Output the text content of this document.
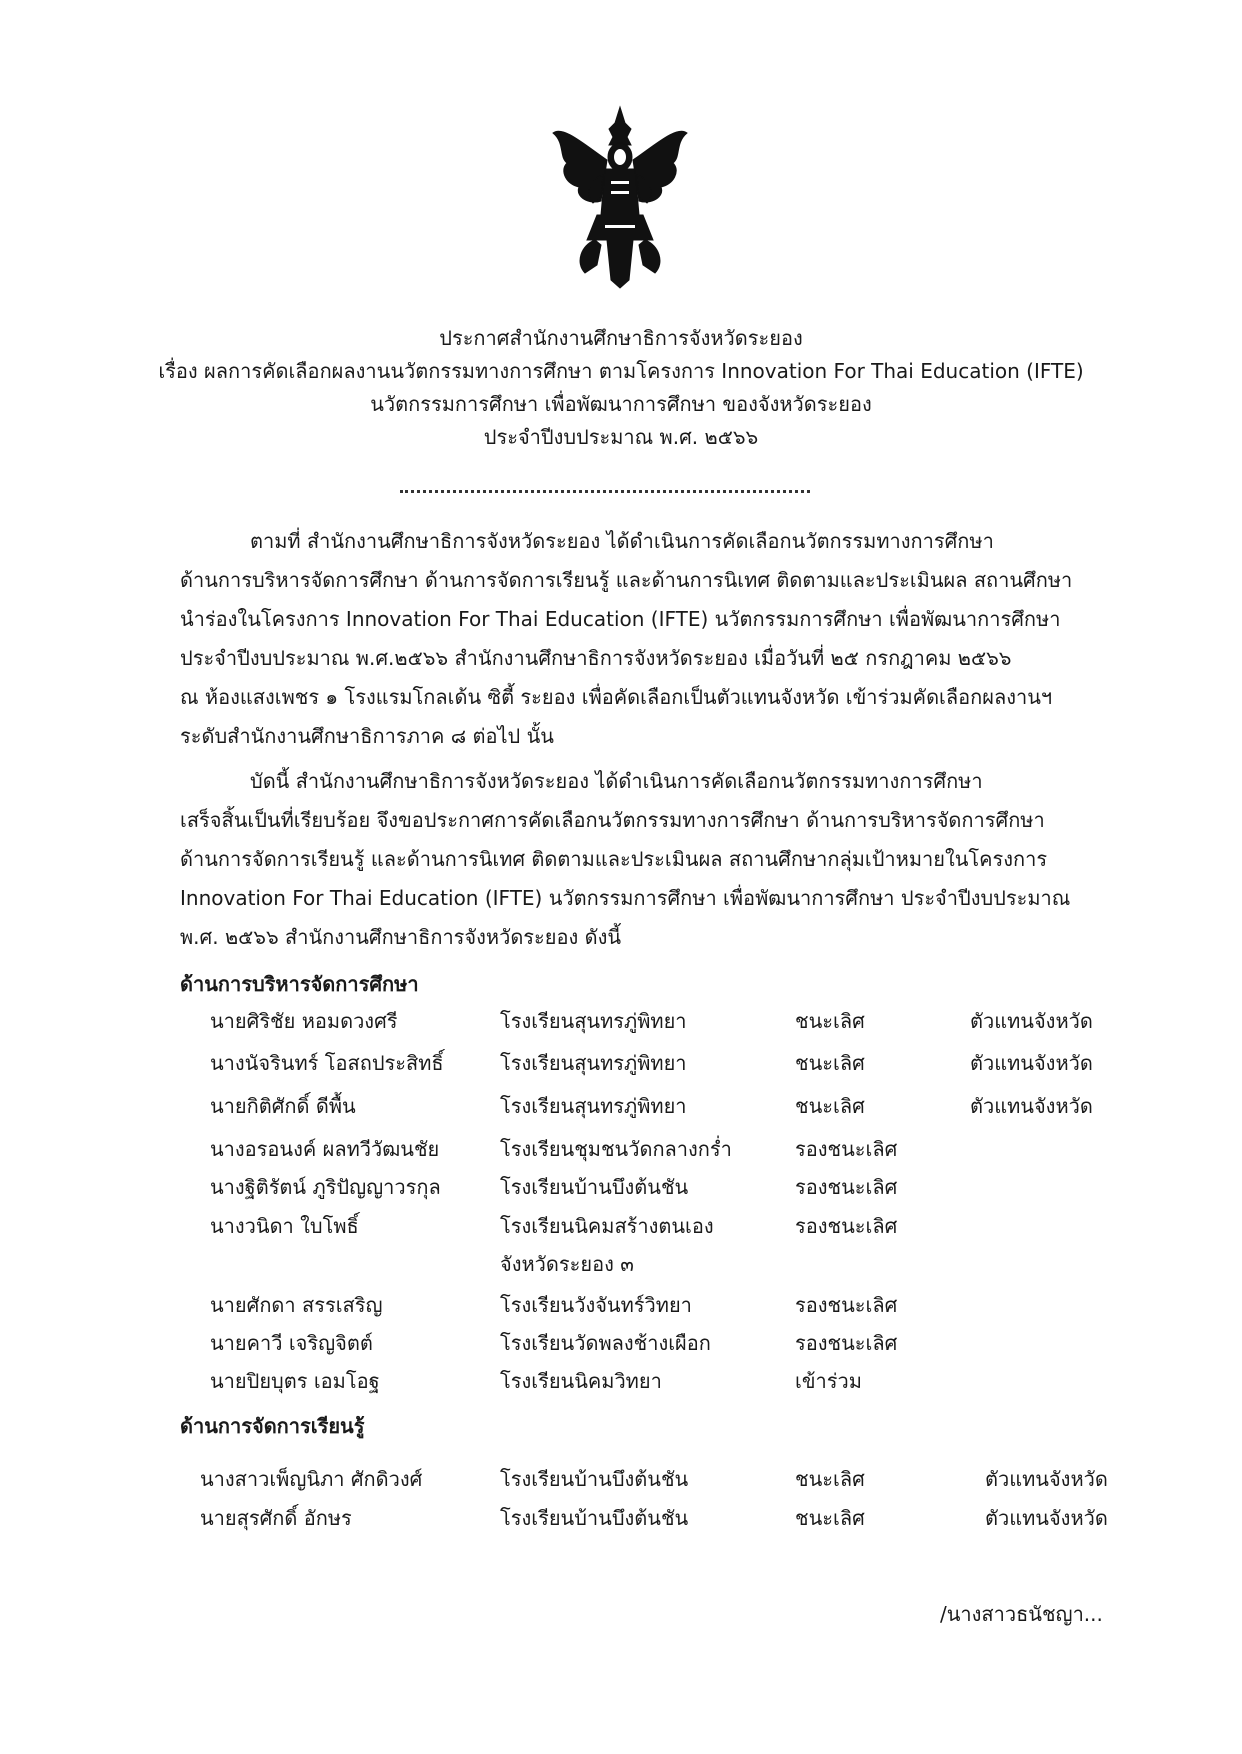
ประกาศสำนักงานศึกษาธิการจังหวัดระยอง
เรื่อง ผลการคัดเลือกผลงานนวัตกรรมทางการศึกษา ตามโครงการ Innovation For Thai Education (IFTE)
นวัตกรรมการศึกษา เพื่อพัฒนาการศึกษา ของจังหวัดระยอง
ประจำปีงบประมาณ พ.ศ. ๒๕๖๖
ตามที่ สำนักงานศึกษาธิการจังหวัดระยอง ได้ดำเนินการคัดเลือกนวัตกรรมทางการศึกษา
ด้านการบริหารจัดการศึกษา ด้านการจัดการเรียนรู้ และด้านการนิเทศ ติดตามและประเมินผล สถานศึกษา
นำร่องในโครงการ Innovation For Thai Education (IFTE) นวัตกรรมการศึกษา เพื่อพัฒนาการศึกษา
ประจำปีงบประมาณ พ.ศ.๒๕๖๖ สำนักงานศึกษาธิการจังหวัดระยอง เมื่อวันที่ ๒๕ กรกฎาคม ๒๕๖๖
ณ ห้องแสงเพชร ๑ โรงแรมโกลเด้น ซิตี้ ระยอง เพื่อคัดเลือกเป็นตัวแทนจังหวัด เข้าร่วมคัดเลือกผลงานฯ
ระดับสำนักงานศึกษาธิการภาค ๘ ต่อไป นั้น
บัดนี้ สำนักงานศึกษาธิการจังหวัดระยอง ได้ดำเนินการคัดเลือกนวัตกรรมทางการศึกษา
เสร็จสิ้นเป็นที่เรียบร้อย จึงขอประกาศการคัดเลือกนวัตกรรมทางการศึกษา ด้านการบริหารจัดการศึกษา
ด้านการจัดการเรียนรู้ และด้านการนิเทศ ติดตามและประเมินผล สถานศึกษากลุ่มเป้าหมายในโครงการ
Innovation For Thai Education (IFTE) นวัตกรรมการศึกษา เพื่อพัฒนาการศึกษา ประจำปีงบประมาณ
พ.ศ. ๒๕๖๖ สำนักงานศึกษาธิการจังหวัดระยอง ดังนี้
ด้านการบริหารจัดการศึกษา
นายศิริชัย หอมดวงศรี	โรงเรียนสุนทรภู่พิทยา	ชนะเลิศ	ตัวแทนจังหวัด
นางนัจรินทร์ โอสถประสิทธิ์	โรงเรียนสุนทรภู่พิทยา	ชนะเลิศ	ตัวแทนจังหวัด
นายกิติศักดิ์ ดีพื้น	โรงเรียนสุนทรภู่พิทยา	ชนะเลิศ	ตัวแทนจังหวัด
นางอรอนงค์ ผลทวีวัฒนชัย	โรงเรียนชุมชนวัดกลางกร่ำ	รองชนะเลิศ
นางฐิติรัตน์ ภูริปัญญาวรกุล	โรงเรียนบ้านบึงต้นชัน	รองชนะเลิศ
นางวนิดา ใบโพธิ์	โรงเรียนนิคมสร้างตนเอง	รองชนะเลิศ
จังหวัดระยอง ๓
นายศักดา สรรเสริญ	โรงเรียนวังจันทร์วิทยา	รองชนะเลิศ
นายคาวี เจริญจิตต์	โรงเรียนวัดพลงช้างเผือก	รองชนะเลิศ
นายปิยบุตร เอมโอฐ	โรงเรียนนิคมวิทยา	เข้าร่วม
ด้านการจัดการเรียนรู้
นางสาวเพ็ญนิภา ศักดิวงศ์	โรงเรียนบ้านบึงต้นชัน	ชนะเลิศ	ตัวแทนจังหวัด
นายสุรศักดิ์ อักษร	โรงเรียนบ้านบึงต้นชัน	ชนะเลิศ	ตัวแทนจังหวัด
/นางสาวธนัชญา...
